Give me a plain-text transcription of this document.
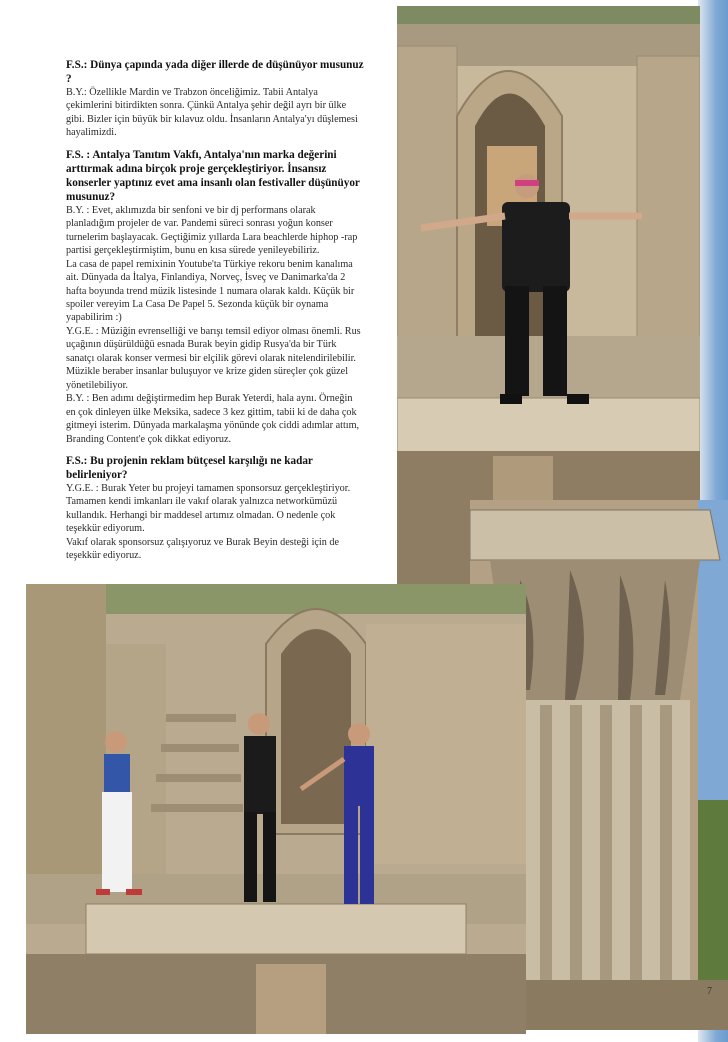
F.S.: Dünya çapında yada diğer illerde de düşünüyor musunuz ?

B.Y.: Özellikle Mardin ve Trabzon önceliğimiz. Tabii Antalya çekimlerini bitirdikten sonra. Çünkü Antalya şehir değil ayrı bir ülke gibi. Bizler için büyük bir kılavuz oldu. İnsanların Antalya'yı düşlemesi hayalimizdi.

F.S. : Antalya Tanıtım Vakfı, Antalya'nın marka değerini arttırmak adına birçok proje gerçekleştiriyor. İnsansız konserler yaptınız evet ama insanlı olan festivaller düşünüyor musunuz?

B.Y. : Evet, aklımızda bir senfoni ve bir dj performans olarak planladığım projeler de var. Pandemi süreci sonrası yoğun konser turnelerim başlayacak. Geçtiğimiz yıllarda Lara beachlerde hiphop -rap partisi gerçekleştirmiştim, bunu en kısa sürede yenileyebiliriz.

La casa de papel remixinin Youtube'ta Türkiye rekoru benim kanalıma ait. Dünyada da İtalya, Finlandiya, Norveç, İsveç ve Danimarka'da 2 hafta boyunda trend müzik listesinde 1 numara olarak kaldı. Küçük bir spoiler vereyim La Casa De Papel 5. Sezonda küçük bir oynama yapabilirim :)

Y.G.E. : Müziğin evrenselliği ve barışı temsil ediyor olması önemli. Rus uçağının düşürüldüğü esnada Burak beyin gidip Rusya'da bir Türk sanatçı olarak konser vermesi bir elçilik görevi olarak nitelendirilebilir. Müzikle beraber insanlar buluşuyor ve krize giden süreçler çok güzel yönetilebiliyor.

B.Y. : Ben adımı değiştirmedim hep Burak Yeterdi, hala aynı. Örneğin en çok dinleyen ülke Meksika, sadece 3 kez gittim, tabii ki de daha çok gitmeyi isterim. Dünyada markalaşma yönünde çok ciddi adımlar attım, Branding Content'e çok dikkat ediyoruz.

F.S.: Bu projenin reklam bütçesel karşılığı ne kadar belirleniyor?

Y.G.E. : Burak Yeter bu projeyi tamamen sponsorsuz gerçekleştiriyor. Tamamen kendi imkanları ile vakıf olarak yalnızca networkümüzü kullandık. Herhangi bir maddesel artımız olmadan. O nedenle çok teşekkür ediyorum.

Vakıf olarak sponsorsuz çalışıyoruz ve Burak Beyin desteği için de teşekkür ediyoruz.

7
